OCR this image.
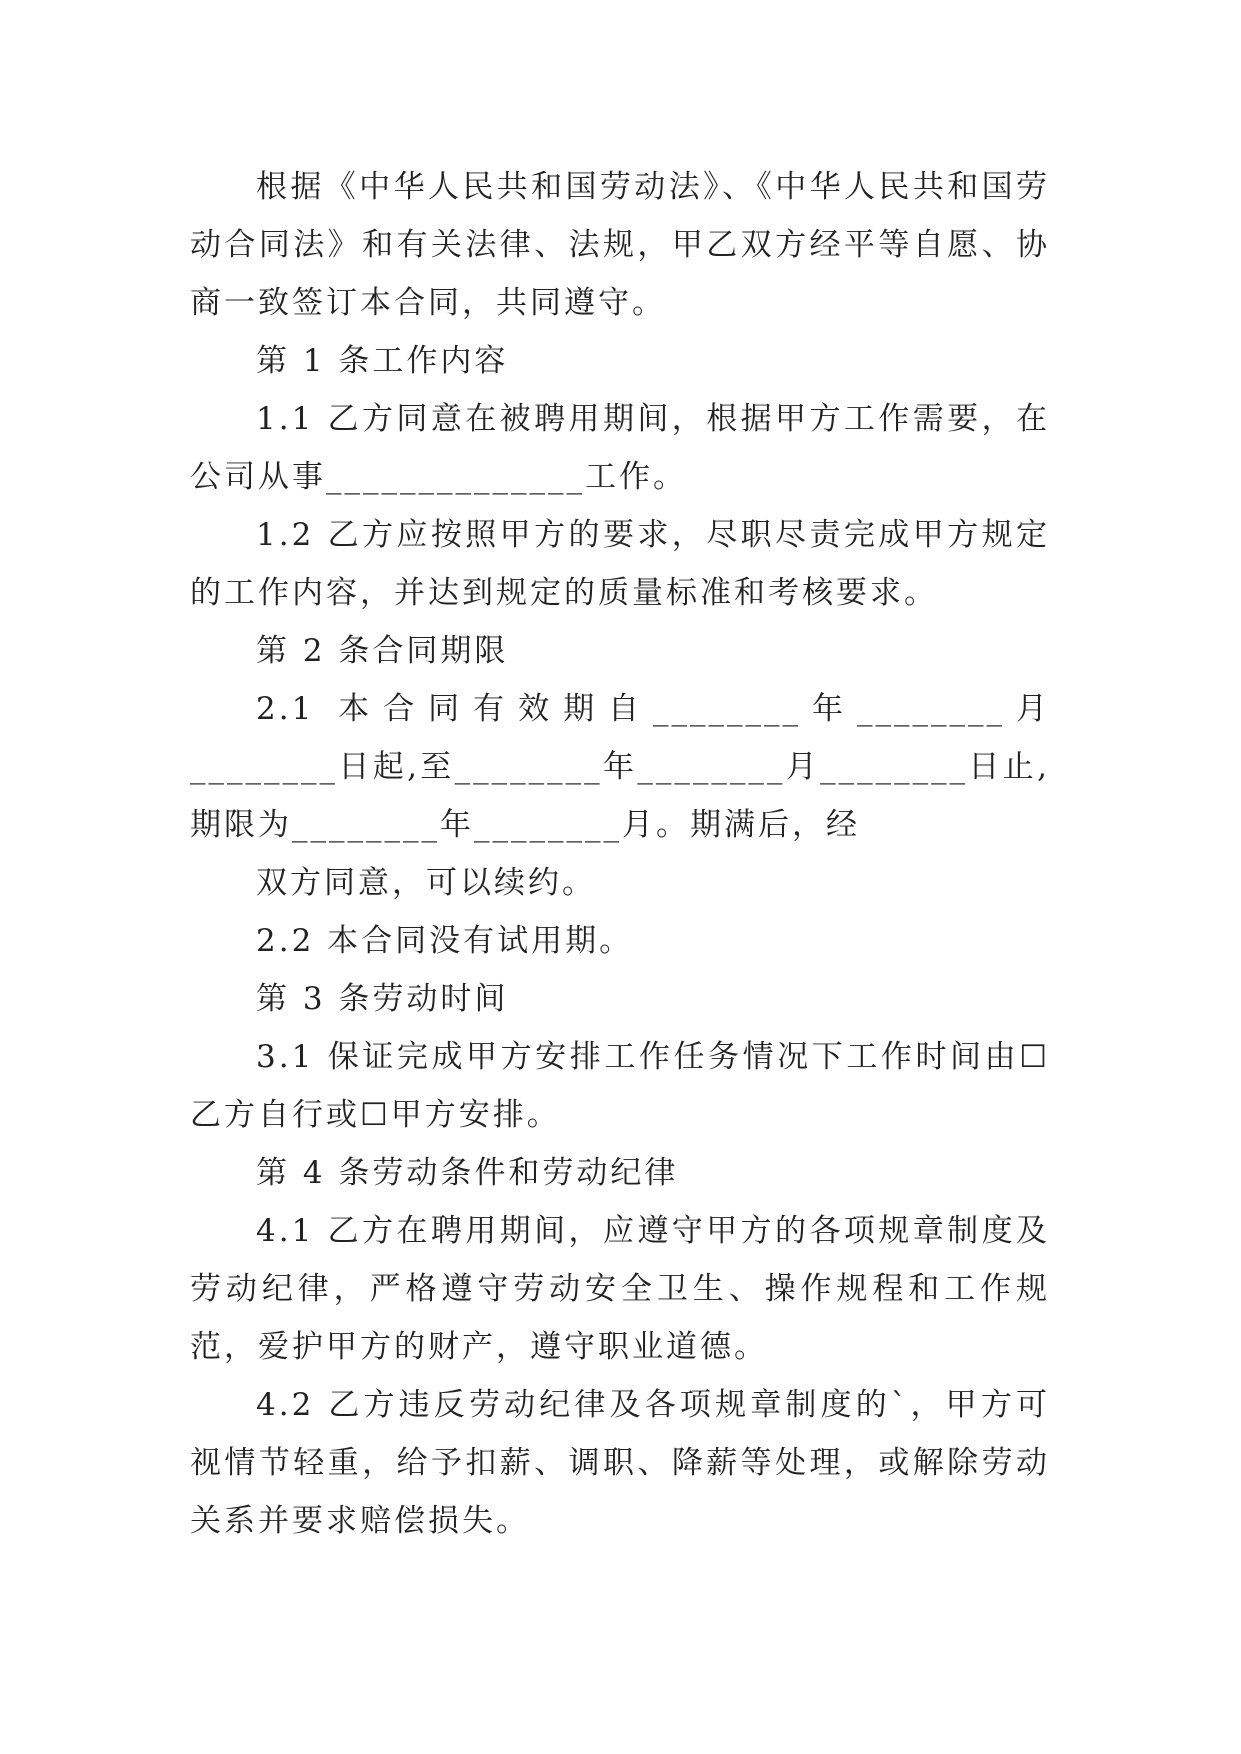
根据《中华人民共和国劳动法》、《中华人民共和国劳动合同法》和有关法律、法规，甲乙双方经平等自愿、协商一致签订本合同，共同遵守。

第 1 条工作内容

1.1 乙方同意在被聘用期间，根据甲方工作需要，在公司从事______________工作。

1.2 乙方应按照甲方的要求，尽职尽责完成甲方规定的工作内容，并达到规定的质量标准和考核要求。

第 2 条合同期限

2.1 本合同有效期自________年________月________日起,至________年________月________日止,期限为________年________月。期满后，经

双方同意，可以续约。

2.2 本合同没有试用期。

第 3 条劳动时间

3.1 保证完成甲方安排工作任务情况下工作时间由☐乙方自行或☐甲方安排。

第 4 条劳动条件和劳动纪律

4.1 乙方在聘用期间，应遵守甲方的各项规章制度及劳动纪律，严格遵守劳动安全卫生、操作规程和工作规范，爱护甲方的财产，遵守职业道德。

4.2 乙方违反劳动纪律及各项规章制度的`，甲方可视情节轻重，给予扣薪、调职、降薪等处理，或解除劳动关系并要求赔偿损失。
